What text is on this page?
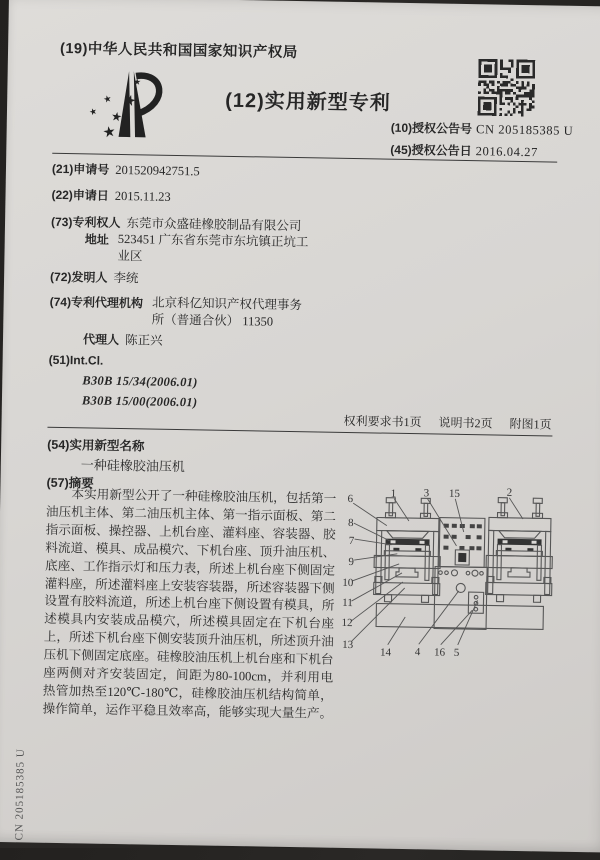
(19)中华人民共和国国家知识产权局
(12)实用新型专利
(10)授权公告号 CN 205185385 U
(45)授权公告日 2016.04.27
(21)申请号 201520942751.5
(22)申请日 2015.11.23
(73)专利权人 东莞市众盛硅橡胶制品有限公司
地址 523451 广东省东莞市东坑镇正坑工业区
(72)发明人 李统
(74)专利代理机构 北京科亿知识产权代理事务所（普通合伙） 11350
代理人 陈正兴
(51)Int.Cl.
B30B 15/34(2006.01)
B30B 15/00(2006.01)
权利要求书1页 说明书2页 附图1页
(54)实用新型名称
一种硅橡胶油压机
(57)摘要
本实用新型公开了一种硅橡胶油压机，包括第一油压机主体、第二油压机主体、第一指示面板、第二指示面板、操控器、上机台座、灌料座、容装器、胶料流道、模具、成品模穴、下机台座、顶升油压机、底座、工作指示灯和压力表，所述上机台座下侧固定灌料座，所述灌料座上安装容装器，所述容装器下侧设置有胶料流道，所述上机台座下侧设置有模具，所述模具内安装成品模穴，所述模具固定在下机台座上，所述下机台座下侧安装顶升油压机，所述顶升油压机下侧固定底座。硅橡胶油压机上机台座和下机台座两侧对齐安装固定，间距为80-100cm，并利用电热管加热至120℃-180℃，硅橡胶油压机结构简单，操作简单，运作平稳且效率高，能够实现大量生产。
6	1 3 15	2
8
7
9
10
11
12
13
14 4 16 5
CN 205185385 U
